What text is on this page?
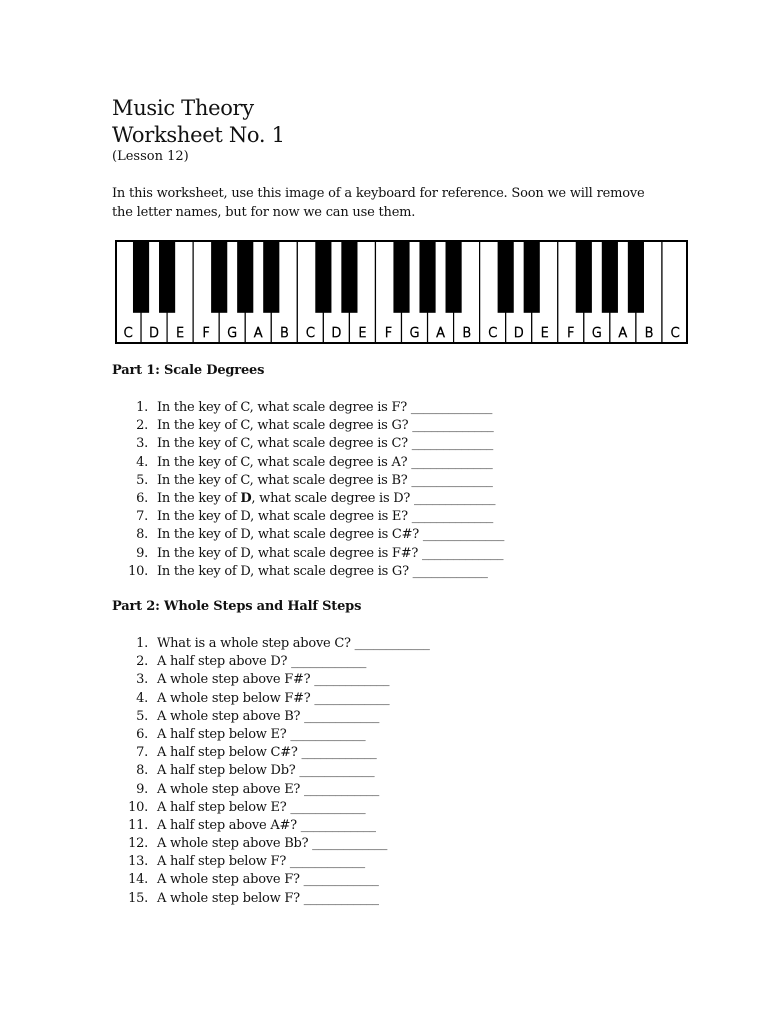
Music Theory
Worksheet No. 1
(Lesson 12)
In this worksheet, use this image of a keyboard for reference. Soon we will remove
the letter names, but for now we can use them.
C D E F G A B C D E F G A B C D E F G A B C
Part 1: Scale Degrees
1. In the key of C, what scale degree is F? _____________
2. In the key of C, what scale degree is G? _____________
3. In the key of C, what scale degree is C? _____________
4. In the key of C, what scale degree is A? _____________
5. In the key of C, what scale degree is B? _____________
6. In the key of D, what scale degree is D? _____________
7. In the key of D, what scale degree is E? _____________
8. In the key of D, what scale degree is C#? _____________
9. In the key of D, what scale degree is F#? _____________
10. In the key of D, what scale degree is G? ____________
Part 2: Whole Steps and Half Steps
1. What is a whole step above C? ____________
2. A half step above D? ____________
3. A whole step above F#? ____________
4. A whole step below F#? ____________
5. A whole step above B? ____________
6. A half step below E? ____________
7. A half step below C#? ____________
8. A half step below Db? ____________
9. A whole step above E? ____________
10. A half step below E? ____________
11. A half step above A#? ____________
12. A whole step above Bb? ____________
13. A half step below F? ____________
14. A whole step above F? ____________
15. A whole step below F? ____________
